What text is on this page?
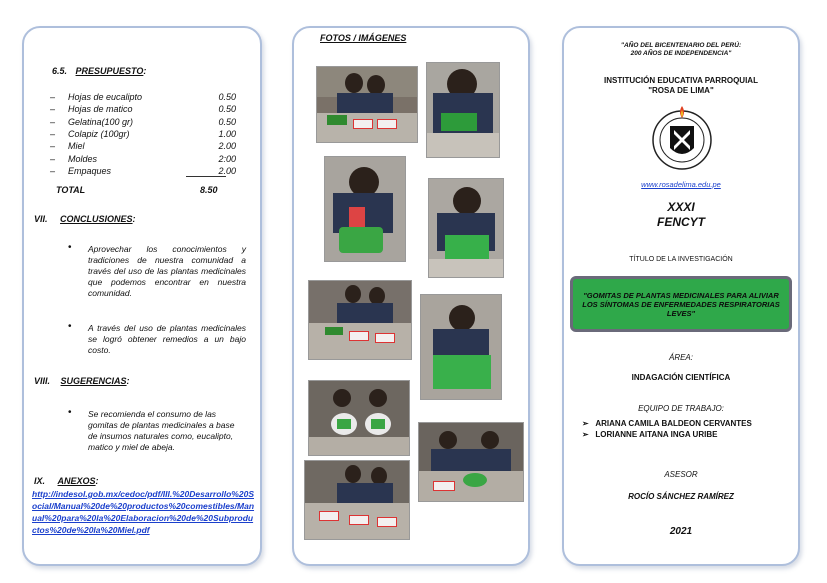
6.5. PRESUPUESTO:
– Hojas de eucalipto	0.50
– Hojas de matico	0.50
– Gelatina(100 gr)	0.50
– Colapiz (100gr)	1.00
– Miel	2.00
– Moldes	2:00
– Empaques	2.00
TOTAL	8.50
VII. CONCLUSIONES:
• Aprovechar los conocimientos y tradiciones de nuestra comunidad a través del uso de las plantas medicinales que podemos encontrar en nuestra comunidad.
• A través del uso de plantas medicinales se logró obtener remedios a un bajo costo.
VIII. SUGERENCIAS:
• Se recomienda el consumo de las gomitas de plantas medicinales a base de insumos naturales como, eucalipto, matico y miel de abeja.
IX. ANEXOS:
http://indesol.gob.mx/cedoc/pdf/III.%20Desarrollo%20Social/Manual%20de%20productos%20comestibles/Manual%20para%20la%20Elaboracion%20de%20Subproductos%20de%20la%20Miel.pdf
FOTOS / IMÁGENES
"AÑO DEL BICENTENARIO DEL PERÚ:
200 AÑOS DE INDEPENDENCIA"
INSTITUCIÓN EDUCATIVA PARROQUIAL
"ROSA DE LIMA"
www.rosadelima.edu.pe
XXXI
FENCYT
TÍTULO DE LA INVESTIGACIÓN
"GOMITAS DE PLANTAS MEDICINALES PARA ALIVIAR LOS SÍNTOMAS DE ENFERMEDADES RESPIRATORIAS LEVES"
ÁREA:
INDAGACIÓN CIENTÍFICA
EQUIPO DE TRABAJO:
➢ ARIANA CAMILA BALDEON CERVANTES
➢ LORIANNE AITANA INGA URIBE
ASESOR
ROCÍO SÁNCHEZ RAMÍREZ
2021
